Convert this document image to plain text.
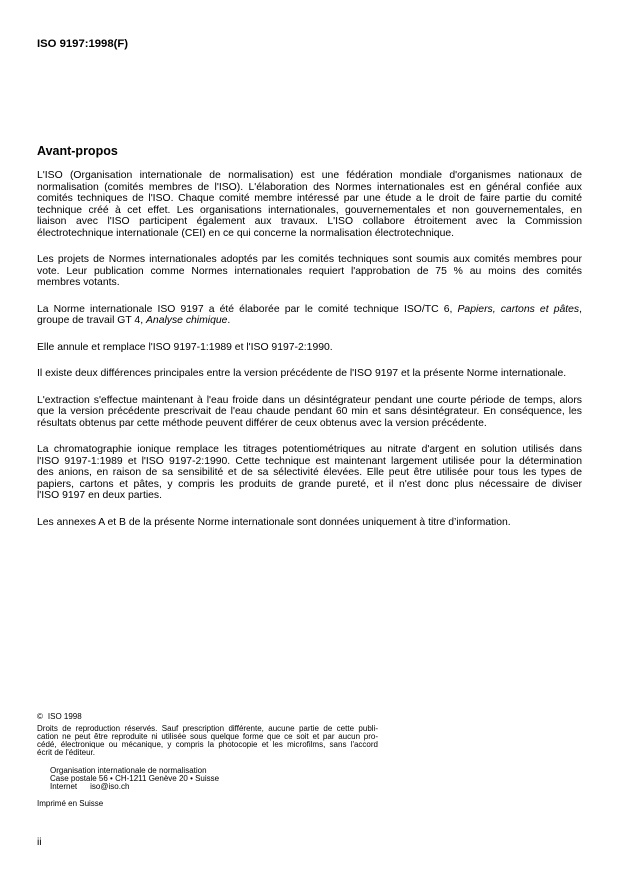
ISO 9197:1998(F)
Avant-propos

L'ISO (Organisation internationale de normalisation) est une fédération mondiale d'organismes nationaux de
normalisation (comités membres de l'ISO). L'élaboration des Normes internationales est en général confiée aux
comités techniques de l'ISO. Chaque comité membre intéressé par une étude a le droit de faire partie du comité
technique créé à cet effet. Les organisations internationales, gouvernementales et non gouvernementales, en
liaison avec l'ISO participent également aux travaux. L'ISO collabore étroitement avec la Commission
électrotechnique internationale (CEI) en ce qui concerne la normalisation électrotechnique.

Les projets de Normes internationales adoptés par les comités techniques sont soumis aux comités membres pour
vote. Leur publication comme Normes internationales requiert l'approbation de 75 % au moins des comités
membres votants.

La Norme internationale ISO 9197 a été élaborée par le comité technique ISO/TC 6, Papiers, cartons et pâtes,
groupe de travail GT 4, Analyse chimique.

Elle annule et remplace l'ISO 9197-1:1989 et l'ISO 9197-2:1990.

Il existe deux différences principales entre la version précédente de l'ISO 9197 et la présente Norme internationale.

L'extraction s'effectue maintenant à l'eau froide dans un désintégrateur pendant une courte période de temps, alors
que la version précédente prescrivait de l'eau chaude pendant 60 min et sans désintégrateur. En conséquence, les
résultats obtenus par cette méthode peuvent différer de ceux obtenus avec la version précédente.

La chromatographie ionique remplace les titrages potentiométriques au nitrate d'argent en solution utilisés dans
l'ISO 9197-1:1989 et l'ISO 9197-2:1990. Cette technique est maintenant largement utilisée pour la détermination
des anions, en raison de sa sensibilité et de sa sélectivité élevées. Elle peut être utilisée pour tous les types de
papiers, cartons et pâtes, y compris les produits de grande pureté, et il n'est donc plus nécessaire de diviser
l'ISO 9197 en deux parties.

Les annexes A et B de la présente Norme internationale sont données uniquement à titre d’information.

© ISO 1998
Droits de reproduction réservés. Sauf prescription différente, aucune partie de cette publi-
cation ne peut être reproduite ni utilisée sous quelque forme que ce soit et par aucun pro-
cédé, électronique ou mécanique, y compris la photocopie et les microfilms, sans l'accord
écrit de l'éditeur.
Organisation internationale de normalisation
Case postale 56 • CH-1211 Genève 20 • Suisse
Internet iso@iso.ch
Imprimé en Suisse
ii
